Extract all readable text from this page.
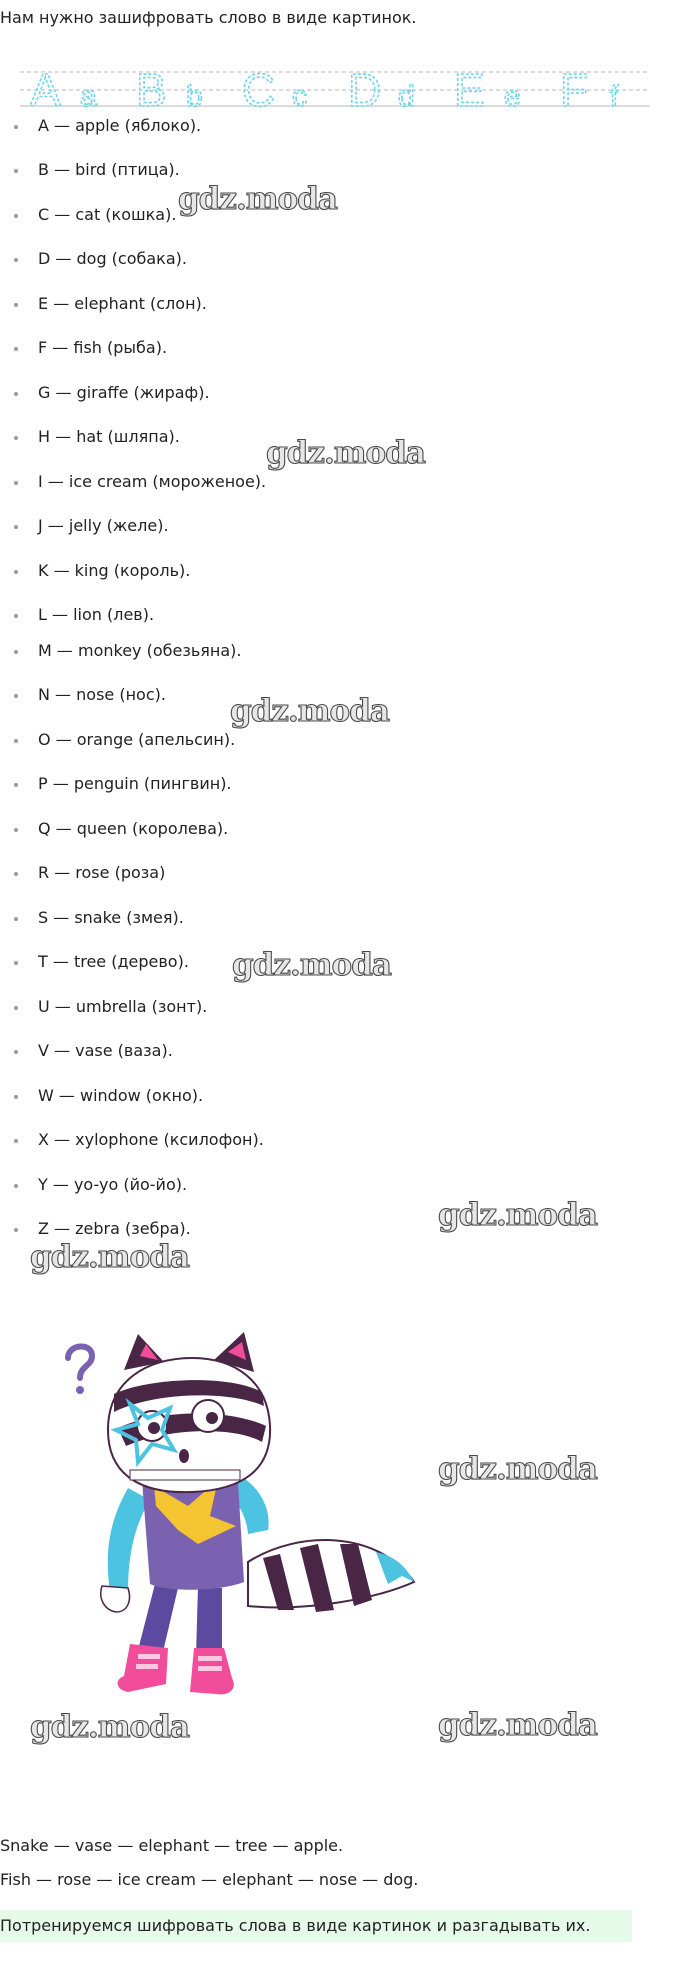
Нам нужно зашифровать слово в виде картинок.
A a B b C c D d E e F f
A — apple (яблоко).
B — bird (птица).
C — cat (кошка).
D — dog (собака).
E — elephant (слон).
F — fish (рыба).
G — giraffe (жираф).
H — hat (шляпа).
I — ice cream (мороженое).
J — jelly (желе).
K — king (король).
L — lion (лев).
M — monkey (обезьяна).
N — nose (нос).
O — orange (апельсин).
P — penguin (пингвин).
Q — queen (королева).
R — rose (роза)
S — snake (змея).
T — tree (дерево).
U — umbrella (зонт).
V — vase (ваза).
W — window (окно).
X — xylophone (ксилофон).
Y — yo-yo (йо-йо).
Z — zebra (зебра).
gdz.moda
gdz.moda
gdz.moda
gdz.moda
gdz.moda
gdz.moda
gdz.moda
gdz.moda	gdz.moda
Snake — vase — elephant — tree — apple.
Fish — rose — ice cream — elephant — nose — dog.
Потренируемся шифровать слова в виде картинок и разгадывать их.
